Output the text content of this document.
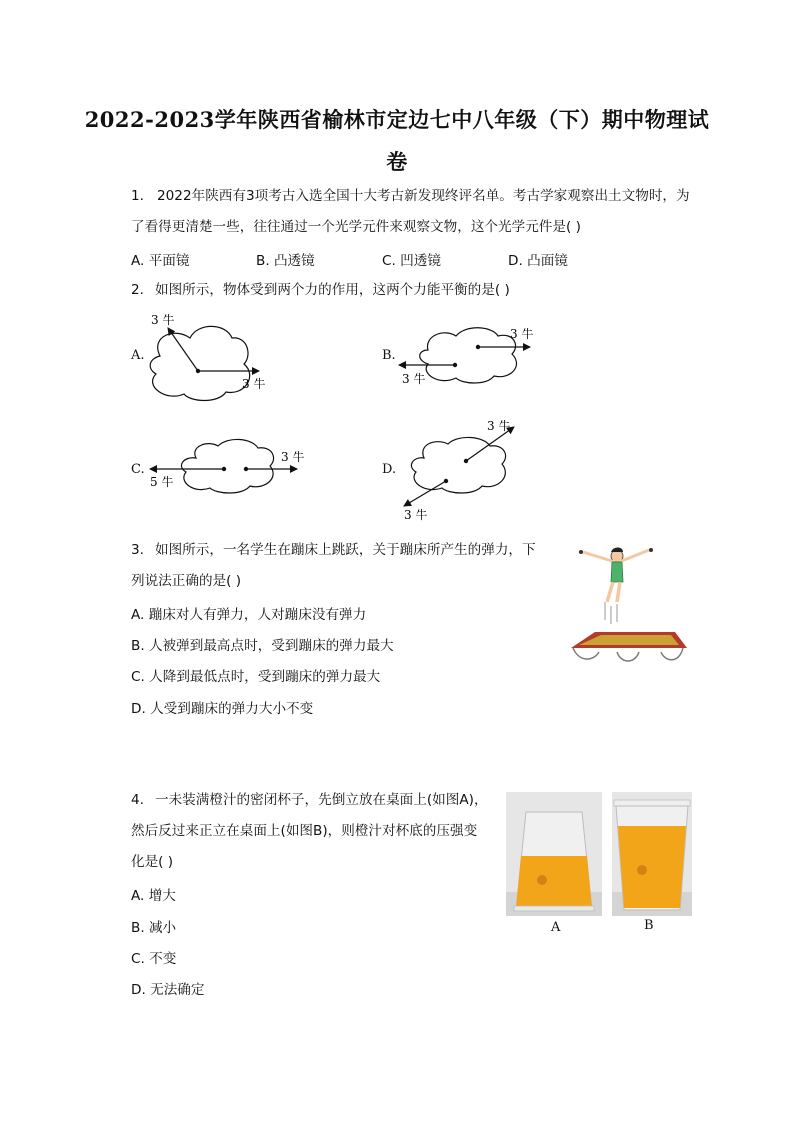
2022-2023学年陕西省榆林市定边七中八年级（下）期中物理试
卷
1. 2022年陕西有3项考古入选全国十大考古新发现终评名单。考古学家观察出土文物时，为
了看得更清楚一些，往往通过一个光学元件来观察文物，这个光学元件是( )
A. 平面镜	B. 凸透镜	C. 凹透镜	D. 凸面镜
2. 如图所示，物体受到两个力的作用，这两个力能平衡的是( )
A.	B.
C.	D.
3 牛
3 牛
3 牛
3 牛
3 牛
5 牛
3 牛
3 牛
3. 如图所示，一名学生在蹦床上跳跃，关于蹦床所产生的弹力，下
列说法正确的是( )
A. 蹦床对人有弹力，人对蹦床没有弹力
B. 人被弹到最高点时，受到蹦床的弹力最大
C. 人降到最低点时，受到蹦床的弹力最大
D. 人受到蹦床的弹力大小不变
4. 一未装满橙汁的密闭杯子，先倒立放在桌面上(如图A)，
然后反过来正立在桌面上(如图B)，则橙汁对杯底的压强变
化是( )
A. 增大
B. 减小
C. 不变
D. 无法确定
A	B
